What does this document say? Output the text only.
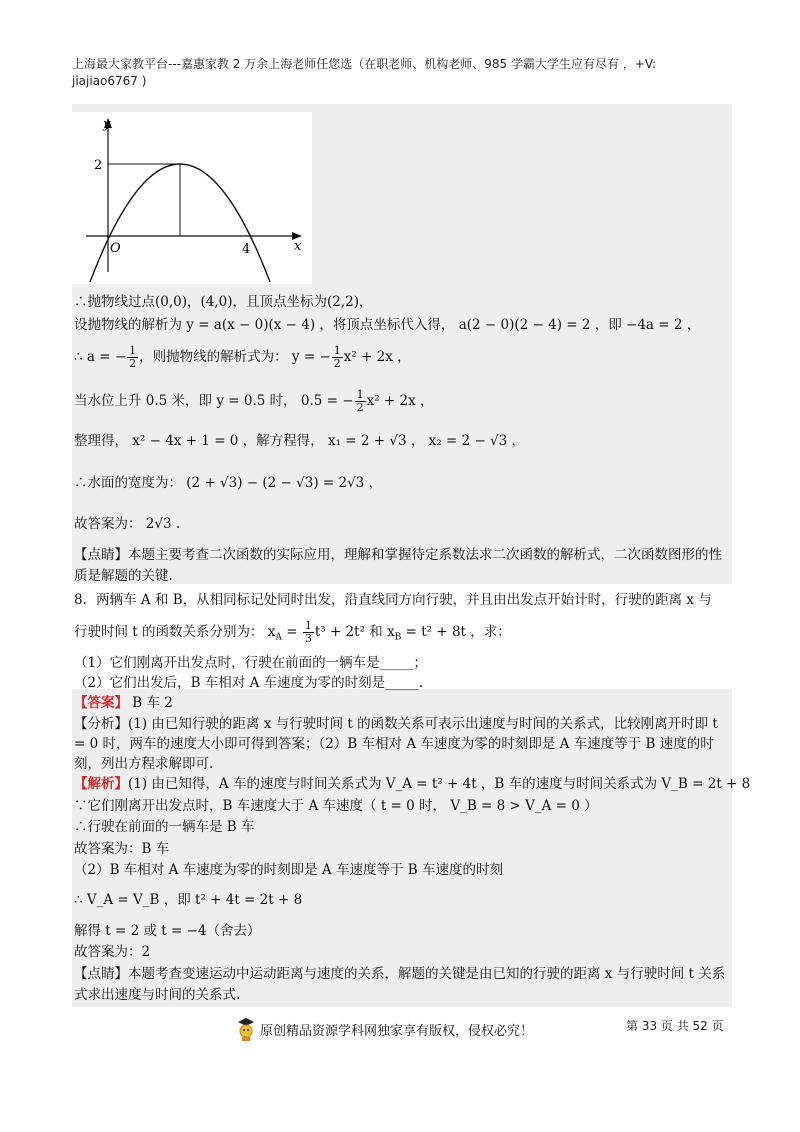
上海最大家教平台---嘉惠家教 2 万余上海老师任您选（在职老师、机构老师、985 学霸大学生应有尽有 ，+V:
jiajiao6767 )
y
x
O
2
4
∴抛物线过点(0,0)，(4,0)，且顶点坐标为(2,2)，
设抛物线的解析为 y = a(x − 0)(x − 4) ，将顶点坐标代入得， a(2 − 0)(2 − 4) = 2 ，即 −4a = 2 ，
∴ a = − $\frac{1}{2}$ ，则抛物线的解析式为： y = − $\frac{1}{2} x^2 + 2x$ ，
当水位上升 0.5 米，即 y = 0.5 时， 0.5 = − $\frac{1}{2} x^2 + 2x$ ，
整理得， x² − 4x + 1 = 0 ，解方程得， x₁ = 2 + √3 ， x₂ = 2 − √3 ，
∴水面的宽度为： (2 + √3) − (2 − √3) = 2√3 ，
故答案为： 2√3 .
【点睛】本题主要考查二次函数的实际应用，理解和掌握待定系数法求二次函数的解析式，二次函数图形的性质是解题的关键.
8．两辆车 A 和 B，从相同标记处同时出发，沿直线同方向行驶，并且由出发点开始计时，行驶的距离 x 与
行驶时间 t 的函数关系分别为： $x_A = \frac{1}{3} t^3 + 2t^2$ 和 $x_B = t^2 + 8t$ ，求：
（1）它们刚离开出发点时，行驶在前面的一辆车是_____；
（2）它们出发后，B 车相对 A 车速度为零的时刻是_____.
【答案】 B 车 2
【分析】(1) 由已知行驶的距离 x 与行驶时间 t 的函数关系可表示出速度与时间的关系式，比较刚离开时即 t = 0 时，两车的速度大小即可得到答案；（2）B 车相对 A 车速度为零的时刻即是 A 车速度等于 B 速度的时刻，列出方程求解即可.
【解析】(1) 由已知得，A 车的速度与时间关系式为 V_A = t² + 4t ，B 车的速度与时间关系式为 V_B = 2t + 8
∵它们刚离开出发点时，B 车速度大于 A 车速度（ t = 0 时， V_B = 8 > V_A = 0 ）
∴行驶在前面的一辆车是 B 车
故答案为：B 车
（2）B 车相对 A 车速度为零的时刻即是 A 车速度等于 B 车速度的时刻
∴ V_A = V_B ，即 t² + 4t = 2t + 8
解得 t = 2 或 t = −4（舍去）
故答案为：2
【点睛】本题考查变速运动中运动距离与速度的关系，解题的关键是由已知的行驶的距离 x 与行驶时间 t 关系式求出速度与时间的关系式.
原创精品资源学科网独家享有版权，侵权必究！	第 33 页 共 52 页
